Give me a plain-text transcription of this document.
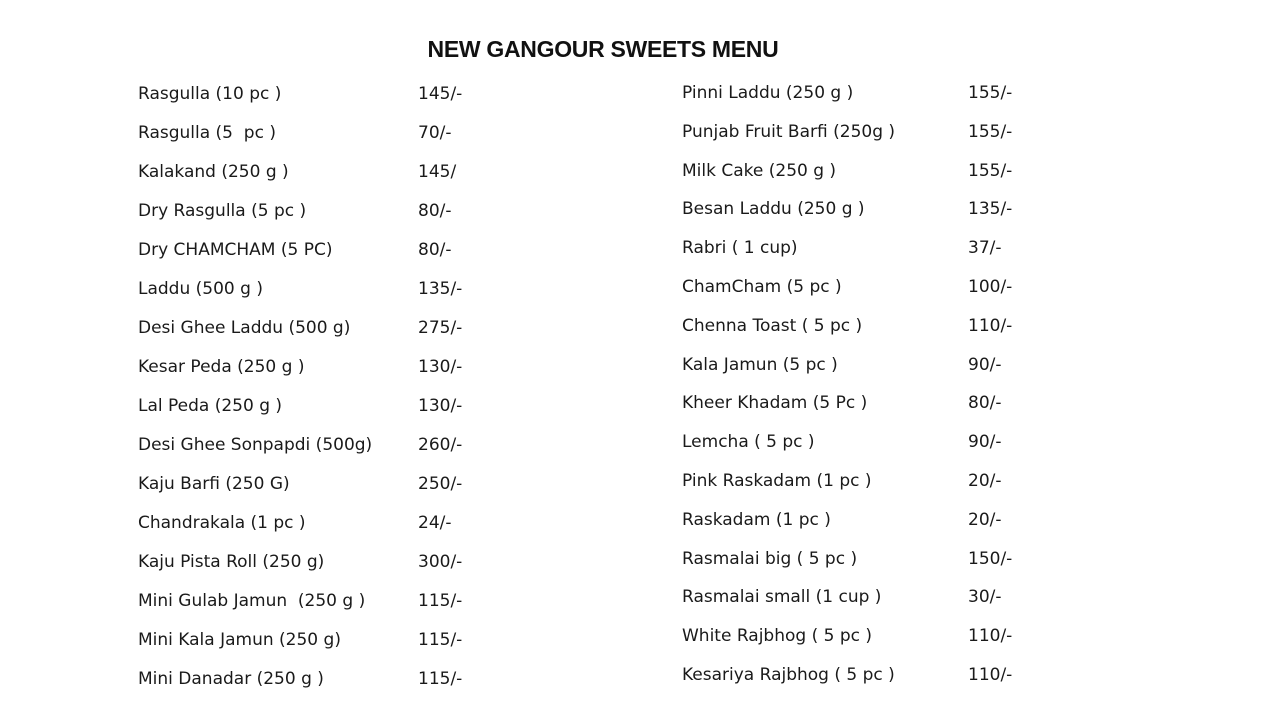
NEW GANGOUR SWEETS MENU
Rasgulla (10 pc )	145/-
Rasgulla (5  pc )	70/-
Kalakand (250 g )	145/
Dry Rasgulla (5 pc )	80/-
Dry CHAMCHAM (5 PC)	80/-
Laddu (500 g )	135/-
Desi Ghee Laddu (500 g)	275/-
Kesar Peda (250 g )	130/-
Lal Peda (250 g )	130/-
Desi Ghee Sonpapdi (500g)	260/-
Kaju Barfi (250 G)	250/-
Chandrakala (1 pc )	24/-
Kaju Pista Roll (250 g)	300/-
Mini Gulab Jamun  (250 g )	115/-
Mini Kala Jamun (250 g)	115/-
Mini Danadar (250 g )	115/-
Pinni Laddu (250 g )	155/-
Punjab Fruit Barfi (250g )	155/-
Milk Cake (250 g )	155/-
Besan Laddu (250 g )	135/-
Rabri ( 1 cup)	37/-
ChamCham (5 pc )	100/-
Chenna Toast ( 5 pc )	110/-
Kala Jamun (5 pc )	90/-
Kheer Khadam (5 Pc )	80/-
Lemcha ( 5 pc )	90/-
Pink Raskadam (1 pc )	20/-
Raskadam (1 pc )	20/-
Rasmalai big ( 5 pc )	150/-
Rasmalai small (1 cup )	30/-
White Rajbhog ( 5 pc )	110/-
Kesariya Rajbhog ( 5 pc )	110/-
